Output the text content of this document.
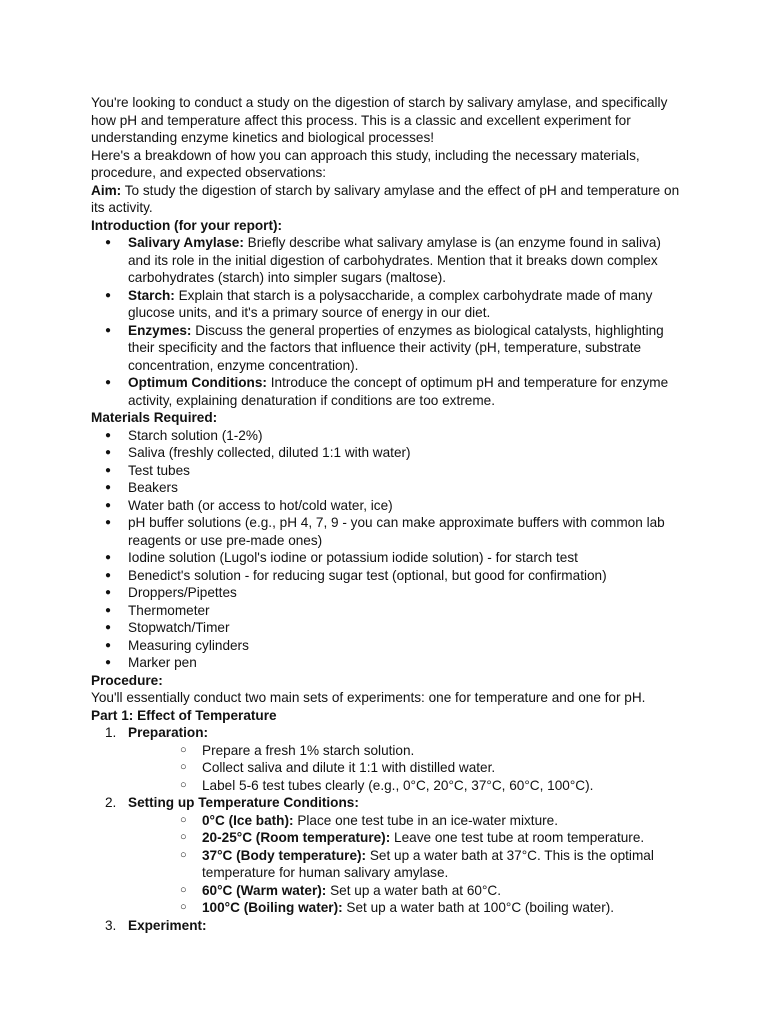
You're looking to conduct a study on the digestion of starch by salivary amylase, and specifically how pH and temperature affect this process. This is a classic and excellent experiment for understanding enzyme kinetics and biological processes!

Here's a breakdown of how you can approach this study, including the necessary materials, procedure, and expected observations:

Aim: To study the digestion of starch by salivary amylase and the effect of pH and temperature on its activity.

Introduction (for your report):

● Salivary Amylase: Briefly describe what salivary amylase is (an enzyme found in saliva) and its role in the initial digestion of carbohydrates. Mention that it breaks down complex carbohydrates (starch) into simpler sugars (maltose).
● Starch: Explain that starch is a polysaccharide, a complex carbohydrate made of many glucose units, and it's a primary source of energy in our diet.
● Enzymes: Discuss the general properties of enzymes as biological catalysts, highlighting their specificity and the factors that influence their activity (pH, temperature, substrate concentration, enzyme concentration).
● Optimum Conditions: Introduce the concept of optimum pH and temperature for enzyme activity, explaining denaturation if conditions are too extreme.

Materials Required:

● Starch solution (1-2%)
● Saliva (freshly collected, diluted 1:1 with water)
● Test tubes
● Beakers
● Water bath (or access to hot/cold water, ice)
● pH buffer solutions (e.g., pH 4, 7, 9 - you can make approximate buffers with common lab reagents or use pre-made ones)
● Iodine solution (Lugol's iodine or potassium iodide solution) - for starch test
● Benedict's solution - for reducing sugar test (optional, but good for confirmation)
● Droppers/Pipettes
● Thermometer
● Stopwatch/Timer
● Measuring cylinders
● Marker pen

Procedure:

You'll essentially conduct two main sets of experiments: one for temperature and one for pH.

Part 1: Effect of Temperature

1. Preparation:
○ Prepare a fresh 1% starch solution.
○ Collect saliva and dilute it 1:1 with distilled water.
○ Label 5-6 test tubes clearly (e.g., 0°C, 20°C, 37°C, 60°C, 100°C).
2. Setting up Temperature Conditions:
○ 0°C (Ice bath): Place one test tube in an ice-water mixture.
○ 20-25°C (Room temperature): Leave one test tube at room temperature.
○ 37°C (Body temperature): Set up a water bath at 37°C. This is the optimal temperature for human salivary amylase.
○ 60°C (Warm water): Set up a water bath at 60°C.
○ 100°C (Boiling water): Set up a water bath at 100°C (boiling water).
3. Experiment:
